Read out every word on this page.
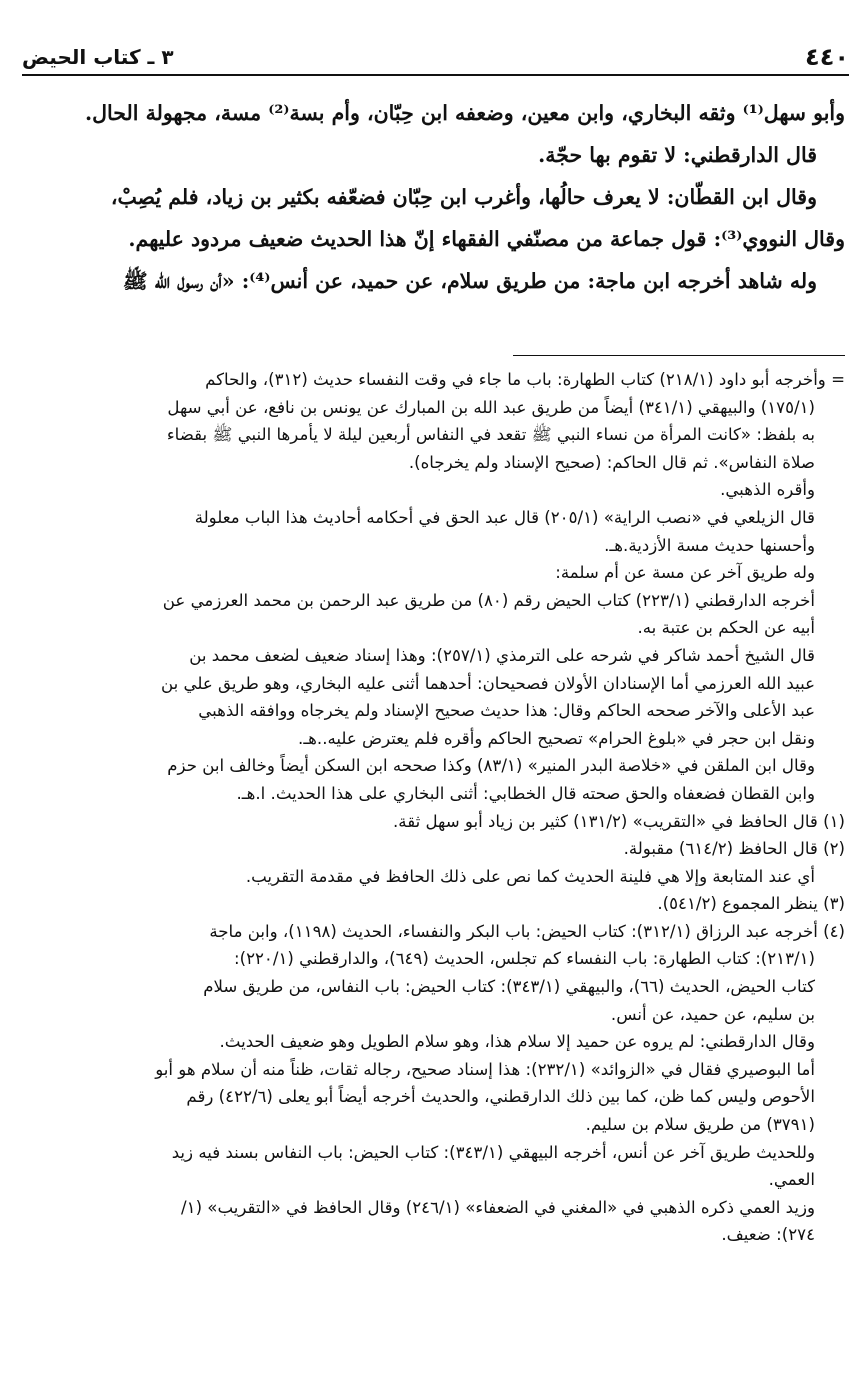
٤٤٠
٣ ـ كتاب الحيض

وأبو سهل⁽¹⁾ وثقه البخاري، وابن معين، وضعفه ابن حِبّان، وأم بسة⁽²⁾ مسة، مجهولة الحال.

قال الدارقطني: لا تقوم بها حجّة.

وقال ابن القطّان: لا يعرف حالُها، وأغرب ابن حِبّان فضعّفه بكثير بن زياد، فلم يُصِبْ،

وقال النووي⁽³⁾: قول جماعة من مصنّفي الفقهاء إنّ هذا الحديث ضعيف مردود عليهم.

وله شاهد أخرجه ابن ماجة: من طريق سلام، عن حميد، عن أنس⁽⁴⁾: «أن رسول الله ﷺ

= وأخرجه أبو داود (٢١٨/١) كتاب الطهارة: باب ما جاء في وقت النفساء حديث (٣١٢)، والحاكم
(١٧٥/١) والبيهقي (٣٤١/١) أيضاً من طريق عبد الله بن المبارك عن يونس بن نافع، عن أبي سهل
به بلفظ: «كانت المرأة من نساء النبي ﷺ تقعد في النفاس أربعين ليلة لا يأمرها النبي ﷺ بقضاء
صلاة النفاس». ثم قال الحاكم: (صحيح الإسناد ولم يخرجاه).
وأقره الذهبي.
قال الزيلعي في «نصب الراية» (٢٠٥/١) قال عبد الحق في أحكامه أحاديث هذا الباب معلولة
وأحسنها حديث مسة الأزدية.هـ.
وله طريق آخر عن مسة عن أم سلمة:
أخرجه الدارقطني (٢٢٣/١) كتاب الحيض رقم (٨٠) من طريق عبد الرحمن بن محمد العرزمي عن
أبيه عن الحكم بن عتبة به.
قال الشيخ أحمد شاكر في شرحه على الترمذي (٢٥٧/١): وهذا إسناد ضعيف لضعف محمد بن
عبيد الله العرزمي أما الإسنادان الأولان فصحيحان: أحدهما أثنى عليه البخاري، وهو طريق علي بن
عبد الأعلى والآخر صححه الحاكم وقال: هذا حديث صحيح الإسناد ولم يخرجاه ووافقه الذهبي
ونقل ابن حجر في «بلوغ الحرام» تصحيح الحاكم وأقره فلم يعترض عليه..هـ.
وقال ابن الملقن في «خلاصة البدر المنير» (٨٣/١) وكذا صححه ابن السكن أيضاً وخالف ابن حزم
وابن القطان فضعفاه والحق صحته قال الخطابي: أثنى البخاري على هذا الحديث. ا.هـ.
(١) قال الحافظ في «التقريب» (١٣١/٢) كثير بن زياد أبو سهل ثقة.
(٢) قال الحافظ (٦١٤/٢) مقبولة.
أي عند المتابعة وإلا هي فلينة الحديث كما نص على ذلك الحافظ في مقدمة التقريب.
(٣) ينظر المجموع (٥٤١/٢).
(٤) أخرجه عبد الرزاق (٣١٢/١): كتاب الحيض: باب البكر والنفساء، الحديث (١١٩٨)، وابن ماجة
(٢١٣/١): كتاب الطهارة: باب النفساء كم تجلس، الحديث (٦٤٩)، والدارقطني (٢٢٠/١):
كتاب الحيض، الحديث (٦٦)، والبيهقي (٣٤٣/١): كتاب الحيض: باب النفاس، من طريق سلام
بن سليم، عن حميد، عن أنس.
وقال الدارقطني: لم يروه عن حميد إلا سلام هذا، وهو سلام الطويل وهو ضعيف الحديث.
أما البوصيري فقال في «الزوائد» (٢٣٢/١): هذا إسناد صحيح، رجاله ثقات، ظناً منه أن سلام هو أبو
الأحوص وليس كما ظن، كما بين ذلك الدارقطني، والحديث أخرجه أيضاً أبو يعلى (٤٢٢/٦) رقم
(٣٧٩١) من طريق سلام بن سليم.
وللحديث طريق آخر عن أنس، أخرجه البيهقي (٣٤٣/١): كتاب الحيض: باب النفاس بسند فيه زيد
العمي.
وزيد العمي ذكره الذهبي في «المغني في الضعفاء» (٢٤٦/١) وقال الحافظ في «التقريب» (١/
٢٧٤): ضعيف.
